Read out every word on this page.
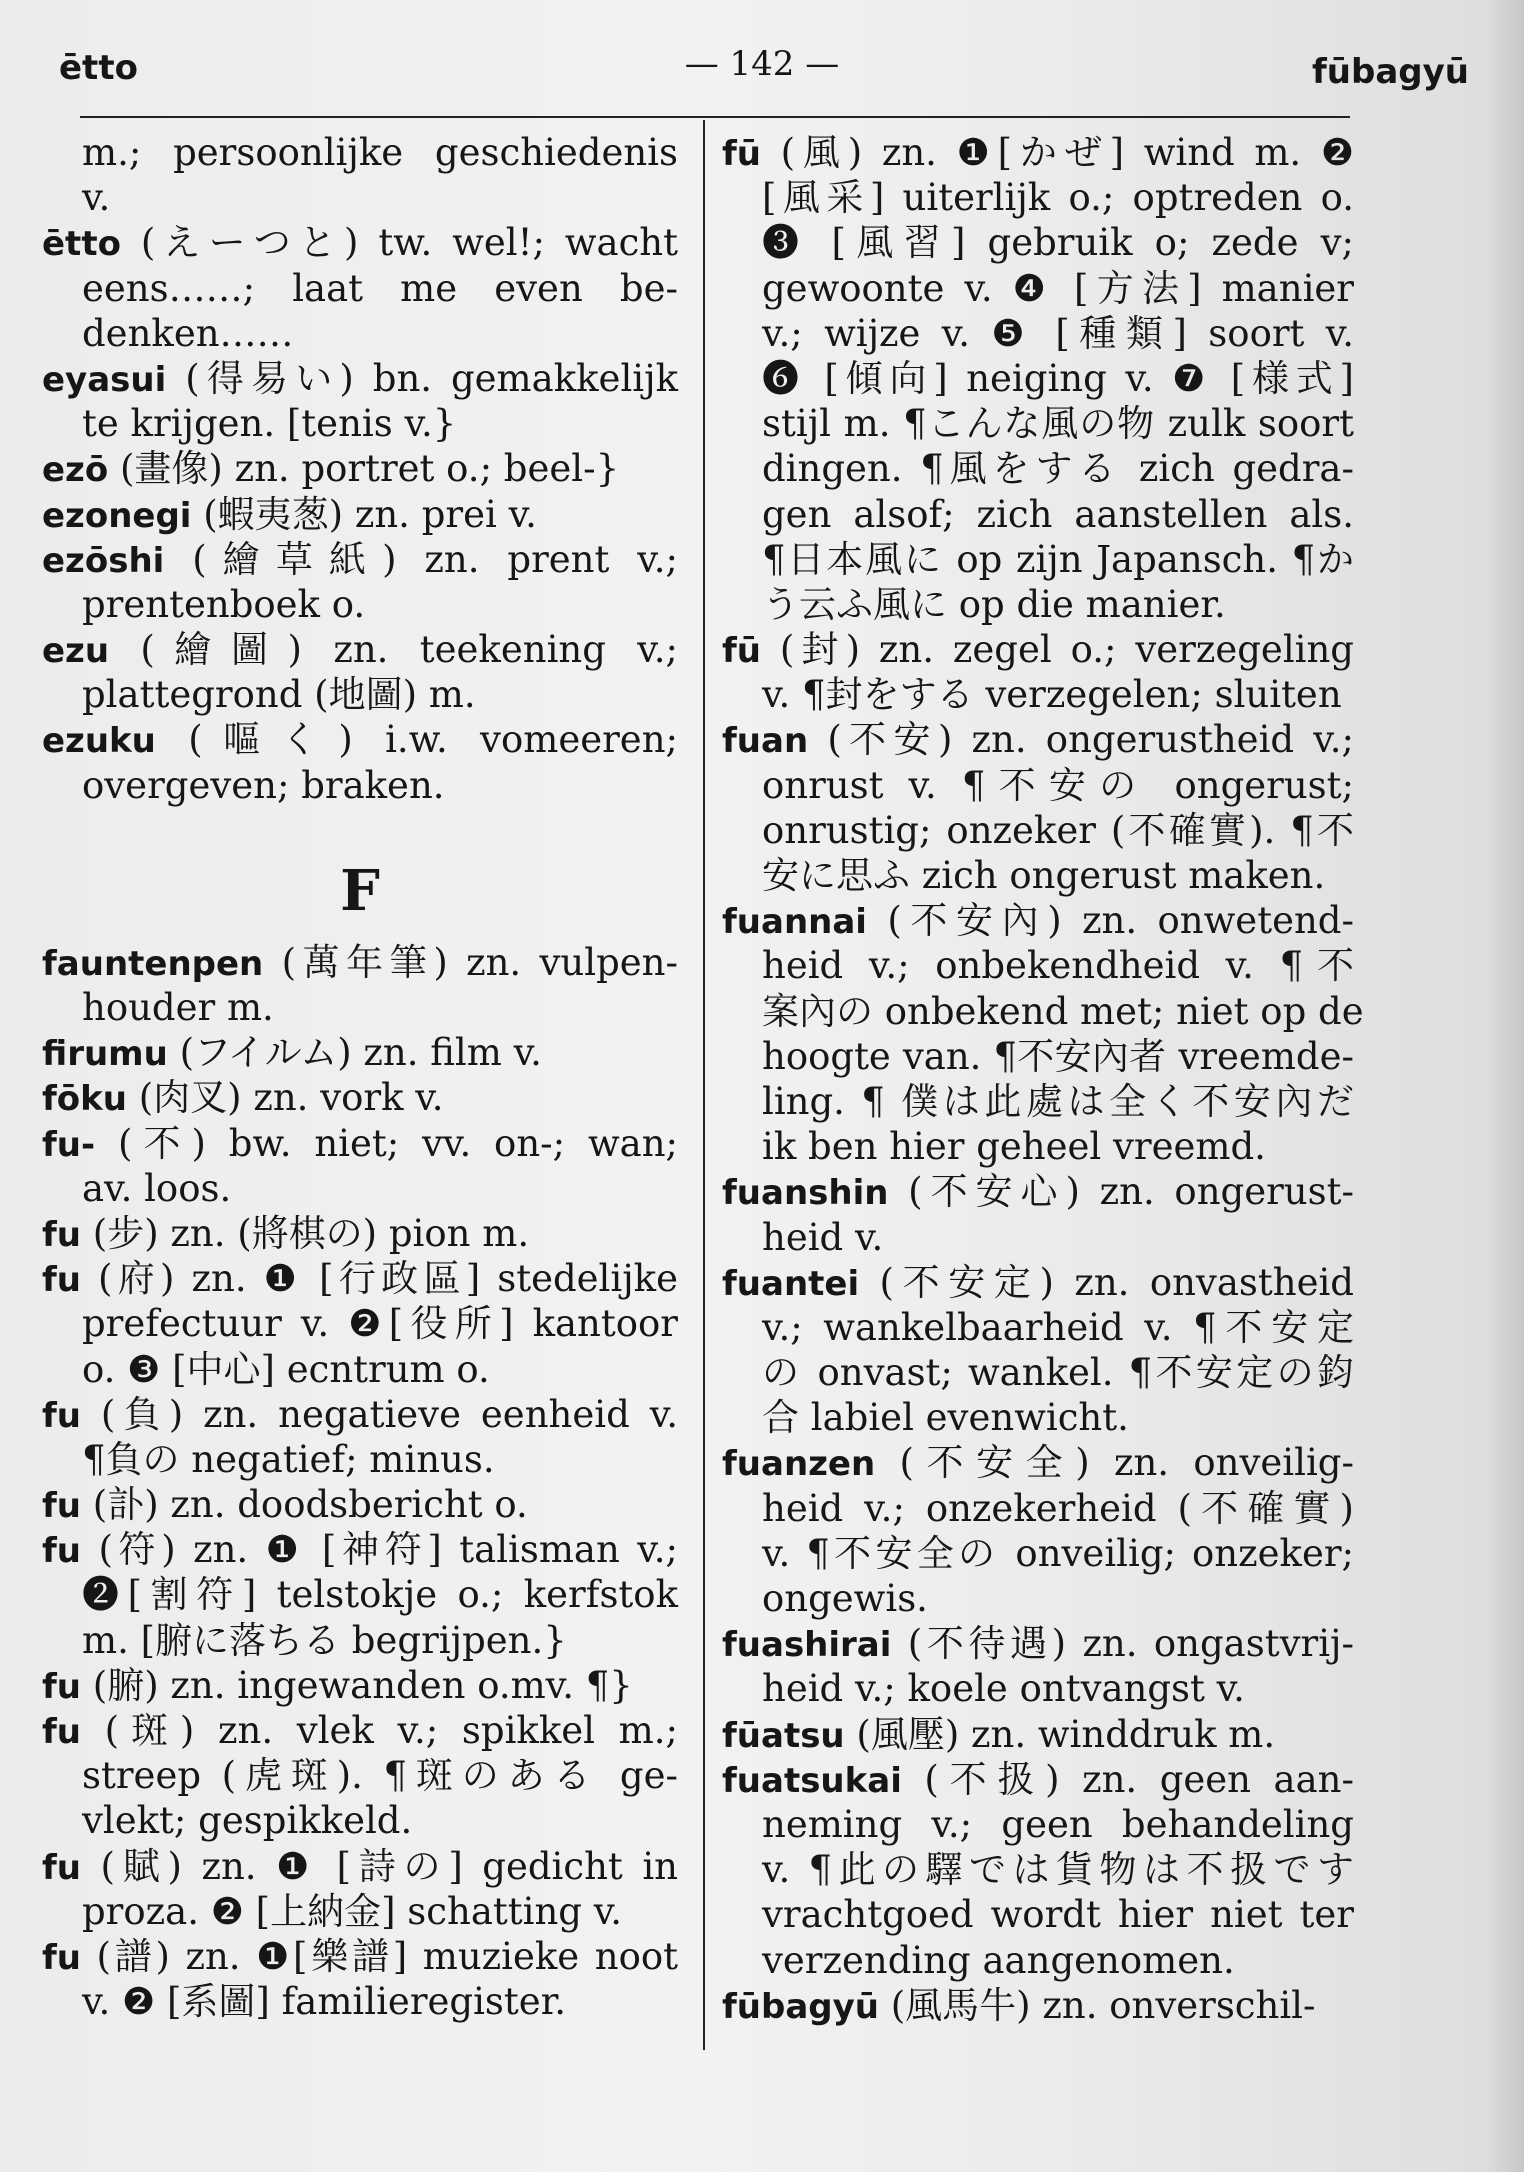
ētto	— 142 —	fūbagyū
m.; persoonlijke geschiedenis
v.
ētto (えーつと) tw. wel!; wacht
eens……; laat me even be-
denken……
eyasui (得易い) bn. gemakkelijk
te krijgen. [tenis v.}
ezō (畫像) zn. portret o.; beel-}
ezonegi (蝦夷葱) zn. prei v.
ezōshi (繪草紙) zn. prent v.;
prentenboek o.
ezu (繪圖) zn. teekening v.;
plattegrond (地圖) m.
ezuku (嘔く) i.w. vomeeren;
overgeven; braken.
F
fauntenpen (萬年筆) zn. vulpen-
houder m.
firumu (フイルム) zn. film v.
fōku (肉叉) zn. vork v.
fu- (不) bw. niet; vv. on-; wan;
av. loos.
fu (步) zn. (將棋の) pion m.
fu (府) zn. ❶ [行政區] stedelijke
prefectuur v. ❷[役所] kantoor
o. ❸ [中心] ecntrum o.
fu (負) zn. negatieve eenheid v.
¶負の negatief; minus.
fu (訃) zn. doodsbericht o.
fu (符) zn. ❶ [神符] talisman v.;
❷[割符] telstokje o.; kerfstok
m. [腑に落ちる begrijpen.}
fu (腑) zn. ingewanden o.mv. ¶}
fu (斑) zn. vlek v.; spikkel m.;
streep (虎斑). ¶斑のある ge-
vlekt; gespikkeld.
fu (賦) zn. ❶ [詩の] gedicht in
proza. ❷ [上納金] schatting v.
fu (譜) zn. ❶[樂譜] muzieke noot
v. ❷ [系圖] familieregister.
fū (風) zn. ❶[かぜ] wind m. ❷
[風采] uiterlijk o.; optreden o.
❸ [風習] gebruik o; zede v;
gewoonte v. ❹ [方法] manier
v.; wijze v. ❺ [種類] soort v.
❻ [傾向] neiging v. ❼ [様式]
stijl m. ¶こんな風の物 zulk soort
dingen. ¶風をする zich gedra-
gen alsof; zich aanstellen als.
¶日本風に op zijn Japansch. ¶か
う云ふ風に op die manier.
fū (封) zn. zegel o.; verzegeling
v. ¶封をする verzegelen; sluiten
fuan (不安) zn. ongerustheid v.;
onrust v. ¶不安の ongerust;
onrustig; onzeker (不確實). ¶不
安に思ふ zich ongerust maken.
fuannai (不安內) zn. onwetend-
heid v.; onbekendheid v. ¶不
案內の onbekend met; niet op de
hoogte van. ¶不安內者 vreemde-
ling. ¶ 僕は此處は全く不安內だ
ik ben hier geheel vreemd.
fuanshin (不安心) zn. ongerust-
heid v.
fuantei (不安定) zn. onvastheid
v.; wankelbaarheid v. ¶不安定
の onvast; wankel. ¶不安定の鈞
合 labiel evenwicht.
fuanzen (不安全) zn. onveilig-
heid v.; onzekerheid (不確實)
v. ¶不安全の onveilig; onzeker;
ongewis.
fuashirai (不待遇) zn. ongastvrij-
heid v.; koele ontvangst v.
fūatsu (風壓) zn. winddruk m.
fuatsukai (不扱) zn. geen aan-
neming v.; geen behandeling
v. ¶此の驛では貨物は不扱です
vrachtgoed wordt hier niet ter
verzending aangenomen.
fūbagyū (風馬牛) zn. onverschil-
